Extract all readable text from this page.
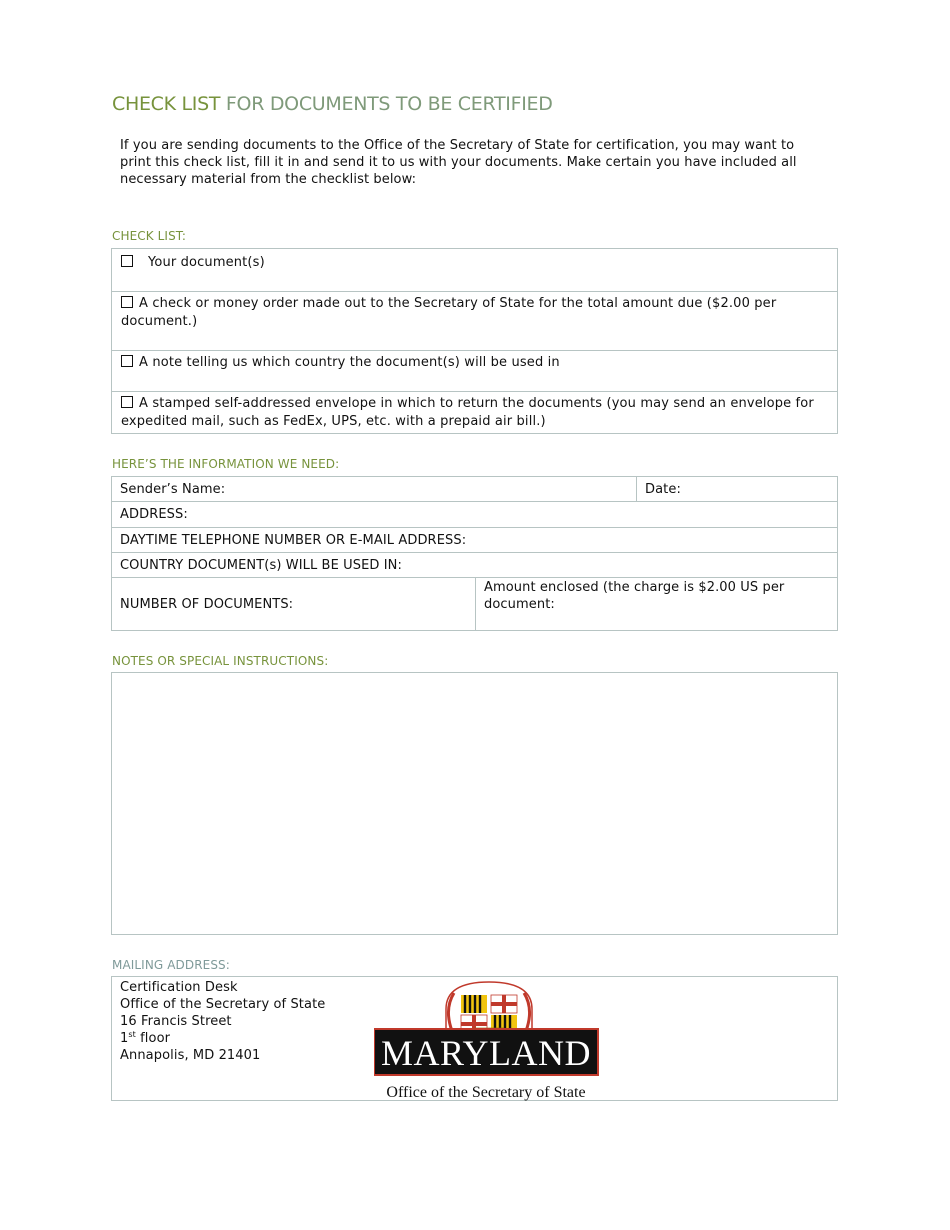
CHECK LIST FOR DOCUMENTS TO BE CERTIFIED
If you are sending documents to the Office of the Secretary of State for certification, you may want to print this check list, fill it in and send it to us with your documents. Make certain you have included all necessary material from the checklist below:
CHECK LIST:
Your document(s)
A check or money order made out to the Secretary of State for the total amount due ($2.00 per document.)
A note telling us which country the document(s) will be used in
A stamped self-addressed envelope in which to return the documents (you may send an envelope for expedited mail, such as FedEx, UPS, etc. with a prepaid air bill.)
HERE’S THE INFORMATION WE NEED:
Sender’s Name:	Date:
ADDRESS:
DAYTIME TELEPHONE NUMBER OR E-MAIL ADDRESS:
COUNTRY DOCUMENT(s) WILL BE USED IN:
NUMBER OF DOCUMENTS:
Amount enclosed (the charge is $2.00 US per document:
NOTES OR SPECIAL INSTRUCTIONS:
MAILING ADDRESS:
Certification Desk
Office of the Secretary of State
16 Francis Street
1st floor
Annapolis, MD 21401	MARYLAND
Office of the Secretary of State
